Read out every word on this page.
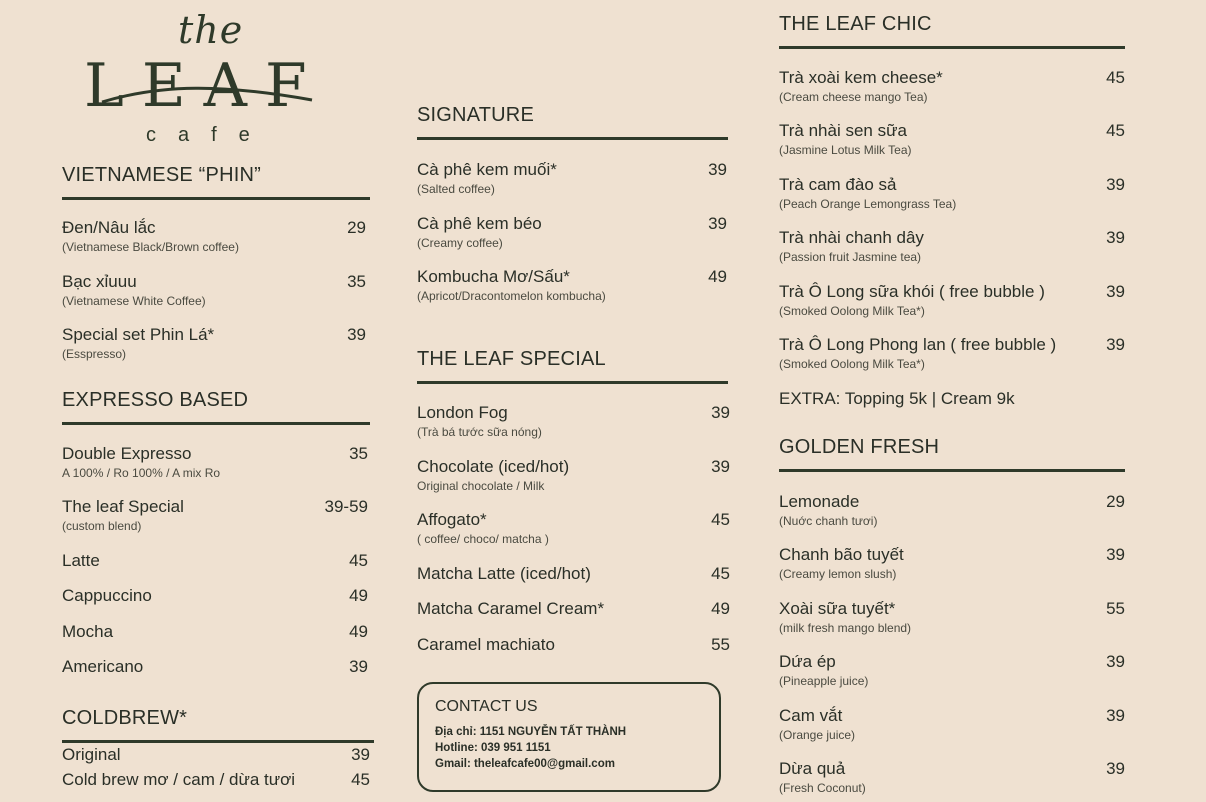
the
LEAF
cafe
VIETNAMESE “PHIN”
Đen/Nâu lắc	29
(Vietnamese Black/Brown coffee)
Bạc xỉuuu	35
(Vietnamese White Coffee)
Special set Phin Lá*	39
(Esspresso)
EXPRESSO BASED
Double Expresso	35
A 100% / Ro 100% / A mix Ro
The leaf Special	39-59
(custom blend)
Latte	45
Cappuccino	49
Mocha	49
Americano	39
COLDBREW*
Original	39
Cold brew mơ / cam / dừa tươi	45
SIGNATURE
Cà phê kem muối*	39
(Salted coffee)
Cà phê kem béo	39
(Creamy coffee)
Kombucha Mơ/Sấu*	49
(Apricot/Dracontomelon kombucha)
THE LEAF SPECIAL
London Fog	39
(Trà bá tước sữa nóng)
Chocolate (iced/hot)	39
Original chocolate / Milk
Affogato*	45
( coffee/ choco/ matcha )
Matcha Latte (iced/hot)	45
Matcha Caramel Cream*	49
Caramel machiato	55
CONTACT US
Địa chỉ: 1151 NGUYỄN TẤT THÀNH
Hotline: 039 951 1151
Gmail: theleafcafe00@gmail.com
THE LEAF CHIC
Trà xoài kem cheese*	45
(Cream cheese mango Tea)
Trà nhài sen sữa	45
(Jasmine Lotus Milk Tea)
Trà cam đào sả	39
(Peach Orange Lemongrass Tea)
Trà nhài chanh dây	39
(Passion fruit Jasmine tea)
Trà Ô Long sữa khói ( free bubble )	39
(Smoked Oolong Milk Tea*)
Trà Ô Long Phong lan ( free bubble )	39
(Smoked Oolong Milk Tea*)
EXTRA: Topping 5k | Cream 9k
GOLDEN FRESH
Lemonade	29
(Nuớc chanh tươi)
Chanh bão tuyết	39
(Creamy lemon slush)
Xoài sữa tuyết*	55
(milk fresh mango blend)
Dứa ép	39
(Pineapple juice)
Cam vắt	39
(Orange juice)
Dừa quả	39
(Fresh Coconut)
